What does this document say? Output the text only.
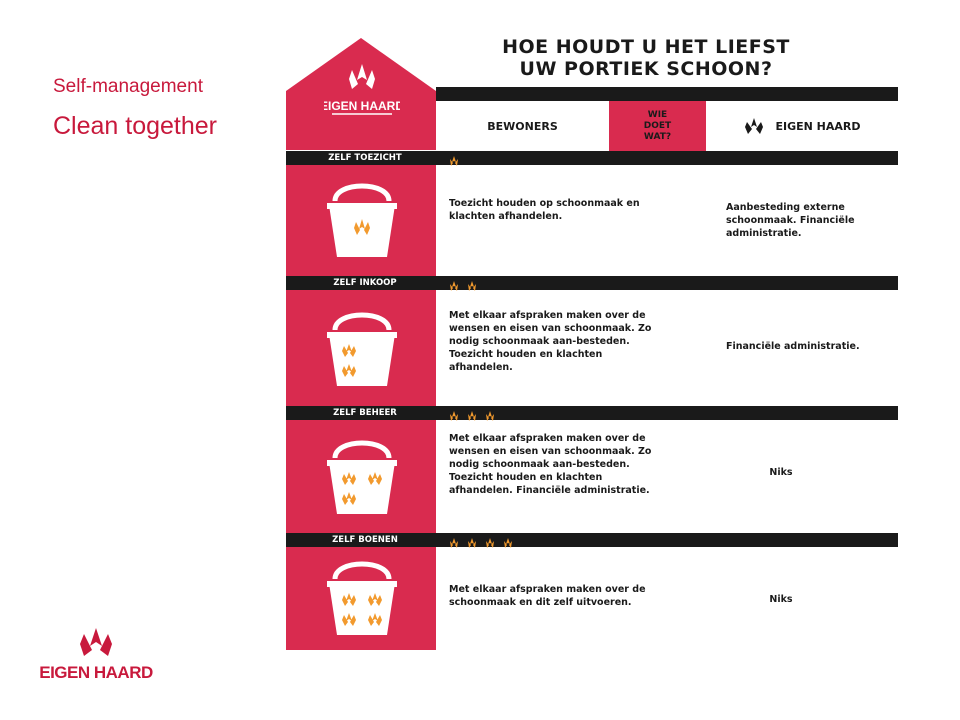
Self-management
Clean together
EIGEN HAARD
EIGEN HAARD
HOE HOUDT U HET LIEFST
UW PORTIEK SCHOON?
BEWONERS
WIE
DOET
WAT?
EIGEN HAARD
ZELF TOEZICHT
Toezicht houden op schoonmaak en klachten afhandelen.
Aanbesteding externe schoonmaak. Financiële administratie.
ZELF INKOOP
Met elkaar afspraken maken over de wensen en eisen van schoonmaak. Zo nodig schoonmaak aan-besteden. Toezicht houden en klachten afhandelen.
Financiële administratie.
ZELF BEHEER
Met elkaar afspraken maken over de wensen en eisen van schoonmaak. Zo nodig schoonmaak aan-besteden. Toezicht houden en klachten afhandelen. Financiële administratie.
Niks
ZELF BOENEN
Met elkaar afspraken maken over de schoonmaak en dit zelf uitvoeren.	Niks
